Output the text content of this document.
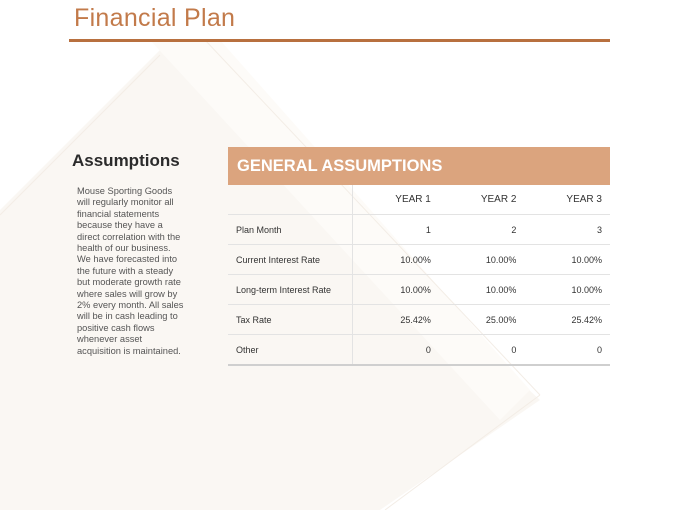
Financial Plan
Assumptions
Mouse Sporting Goods
will regularly monitor all
financial statements
because they have a
direct correlation with the
health of our business.
We have forecasted into
the future with a steady
but moderate growth rate
where sales will grow by
2% every month. All sales
will be in cash leading to
positive cash flows
whenever asset
acquisition is maintained.
GENERAL ASSUMPTIONS
	YEAR 1	YEAR 2	YEAR 3
Plan Month	1	2	3
Current Interest Rate	10.00%	10.00%	10.00%
Long-term Interest Rate	10.00%	10.00%	10.00%
Tax Rate	25.42%	25.00%	25.42%
Other	0	0	0
